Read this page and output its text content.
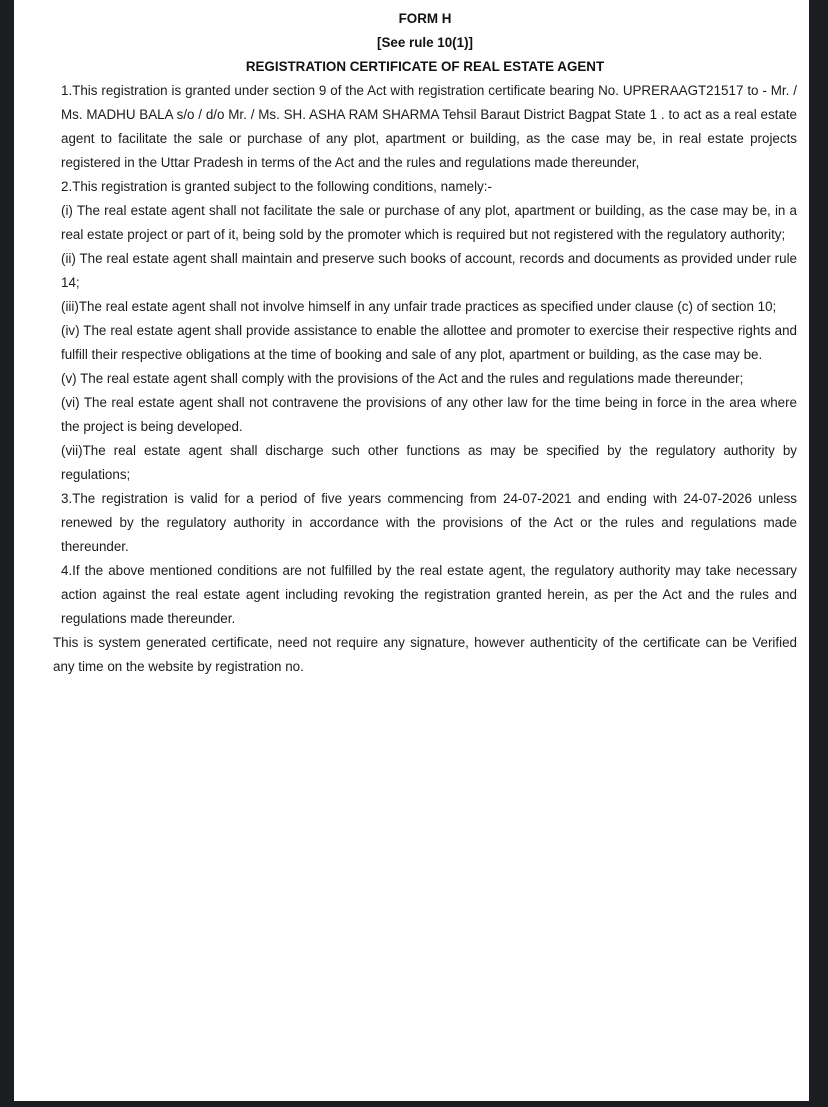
FORM H

[See rule 10(1)]

REGISTRATION CERTIFICATE OF REAL ESTATE AGENT

1.This registration is granted under section 9 of the Act with registration certificate bearing No. UPRERAAGT21517 to - Mr. / Ms. MADHU BALA s/o / d/o Mr. / Ms. SH. ASHA RAM SHARMA Tehsil Baraut District Bagpat State 1 . to act as a real estate agent to facilitate the sale or purchase of any plot, apartment or building, as the case may be, in real estate projects registered in the Uttar Pradesh in terms of the Act and the rules and regulations made thereunder,

2.This registration is granted subject to the following conditions, namely:-

(i) The real estate agent shall not facilitate the sale or purchase of any plot, apartment or building, as the case may be, in a real estate project or part of it, being sold by the promoter which is required but not registered with the regulatory authority;

(ii) The real estate agent shall maintain and preserve such books of account, records and documents as provided under rule 14;

(iii)The real estate agent shall not involve himself in any unfair trade practices as specified under clause (c) of section 10;

(iv) The real estate agent shall provide assistance to enable the allottee and promoter to exercise their respective rights and fulfill their respective obligations at the time of booking and sale of any plot, apartment or building, as the case may be.

(v) The real estate agent shall comply with the provisions of the Act and the rules and regulations made thereunder;

(vi) The real estate agent shall not contravene the provisions of any other law for the time being in force in the area where the project is being developed.

(vii)The real estate agent shall discharge such other functions as may be specified by the regulatory authority by regulations;

3.The registration is valid for a period of five years commencing from 24-07-2021 and ending with 24-07-2026 unless renewed by the regulatory authority in accordance with the provisions of the Act or the rules and regulations made thereunder.

4.If the above mentioned conditions are not fulfilled by the real estate agent, the regulatory authority may take necessary action against the real estate agent including revoking the registration granted herein, as per the Act and the rules and regulations made thereunder.

This is system generated certificate, need not require any signature, however authenticity of the certificate can be Verified any time on the website by registration no.
